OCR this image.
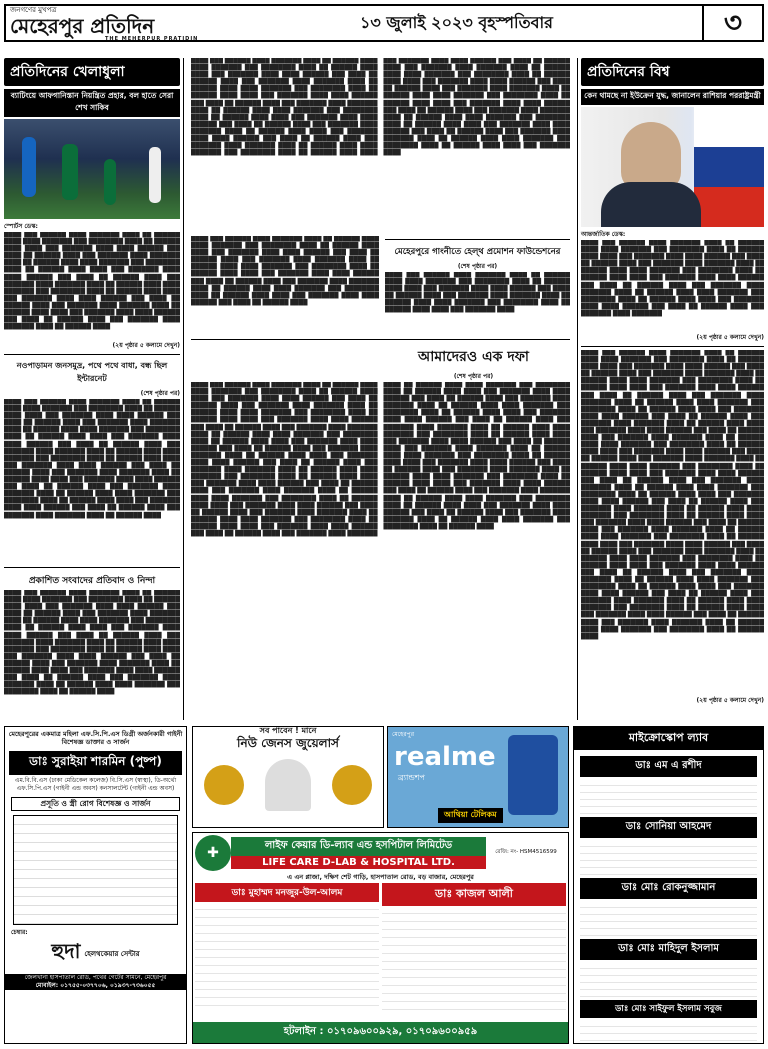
জনগণের মুখপত্র
মেহেরপুর প্রতিদিন
THE MEHERPUR PRATIDIN
১৩ জুলাই ২০২৩ বৃহস্পতিবার	৩
প্রতিদিনের খেলাধুলা
ব্যাটিংয়ে আফগানিস্তান নিয়ন্ত্রিত প্রহার, বল হাতে সেরা শেখ সাকিব
স্পোর্টস ডেস্ক:
████ ███ ██████ ████ ███████ ████ ██ ██████ ████ ████ ███████ ███ ████████ ████ ██ ██████ ████ ████ ███ ███████ ████ ████ ██████ ███ ████ ██ ██████ ████ ███ ███████ ████ ███████ ████ ██ ██████ ████ ████ ███████ ███ ████████ ████ ██ ██████ ████ ████ ███ ███████ ████ ████ ██████ ███ ████ ██ ██████ ████ ███ ███████ ████ ███████ ████ ██ ██████ ████ ████ ███████ ███ ████████ ████ ██ ██████ ████ ████ ███ ███████ ████ ████ ██████ ███ ████ ██ ██████ ████ ███ ███████ ████ ███████ ████ ██ ██████ ████ ████ ███ ███████ ████ ████ ██████ ███ ████ ██ ██████ ████ ███ ███████ ████ ███████ ████ ██ ██████ ████
(২য় পৃষ্ঠার ৫ কলামে দেখুন)
নওপাড়ামন জনসমুদ্র, পথে পথে বাধা, বন্ধ ছিল ইন্টারনেট
(শেষ পৃষ্ঠার পর)
████ ███ ██████ ████ ███████ ████ ██ ██████ ████ ████ ███████ ███ ████████ ████ ██ ██████ ████ ████ ███ ███████ ████ ████ ██████ ███ ████ ██ ██████ ████ ███ ███████ ████ ███████ ████ ██ ██████ ████ ████ ███████ ███ ████████ ████ ██ ██████ ████ ████ ███ ███████ ████ ████ ██████ ███ ████ ██ ██████ ████ ███ ███████ ████ ███████ ████ ██ ██████ ████ ████ ███████ ███ ████████ ████ ██ ██████ ████ ████ ███ ███████ ████ ████ ██████ ███ ████ ██ ██████ ████ ███ ███████ ████ ███████ ████ ██ ██████ ████ ████ ███ ███████ ████ ████ ██████ ███ ████ ██ ██████ ████ ███ ███████ ████ ███████ ████ ██ ██████ ████ ████ ███████ ███ ████████ ████ ██ ██████ ████ ████ ███ ███████ ████ ████ ██████ ███ ████ ██ ██████ ████ ███ ███████ ████ ███████ ████ ██ ██████ ████
প্রকাশিত সংবাদের প্রতিবাদ ও নিন্দা
████ ███ ██████ ████ ███████ ████ ██ ██████ ████ ████ ███████ ███ ████████ ████ ██ ██████ ████ ████ ███ ███████ ████ ████ ██████ ███ ████ ██ ██████ ████ ███ ███████ ████ ███████ ████ ██ ██████ ████ ████ ███████ ███ ████████ ████ ██ ██████ ████ ████ ███ ███████ ████ ████ ██████ ███ ████ ██ ██████ ████ ███ ███████ ████ ███████ ████ ██ ██████ ████ ████ ███████ ███ ████████ ████ ██ ██████ ████ ████ ███ ███████ ████ ████ ██████ ███ ████ ██ ██████ ████ ███ ███████ ████ ███████ ████ ██ ██████ ████ ████ ███ ███████ ████ ████ ██████ ███ ████ ██ ██████ ████ ███ ███████ ████ ███████ ████ ██ ██████ ████ ████ ███████ ███ ████████ ████ ██ ██████ ████
████ ███ ██████ ████ ███████ ████ ██ ██████ ████ ████ ███████ ███ ████████ ████ ██ ██████ ████ ████ ███ ███████ ████ ████ ██████ ███ ████ ██ ██████ ████ ███ ███████ ████ ███████ ████ ██ ██████ ████ ████ ███████ ███ ████████ ████ ██ ██████ ████ ████ ███ ███████ ████ ████ ██████ ███ ████ ██ ██████ ████ ███ ███████ ████ ███████ ████ ██ ██████ ████ ████ ███████ ███ ████████ ████ ██ ██████ ████ ████ ███ ███████ ████ ████ ██████ ███ ████ ██ ██████ ████ ███ ███████ ████ ███████ ████ ██ ██████ ████ ████ ███ ███████ ████ ████ ██████ ███ ████ ██ ██████ ████ ███ ███████ ████ ███████ ████ ██ ██████ ████ ████ ███████ ███ ████████ ████ ██ ██████ ████ ████ ███ ███████ ████ ████ ██████ ███ ████ ██ ██████ ████ ███ ███████ ████ ███████ ████ ██ ██████ ████ ████ ███████ ███ ████████ ████ ██ ██████ ████ ████ ███ ███████ ████ ████ ██████ ███ ████ ██ ██████ ████ ███ ███████ ████ ███████ ████ ██ ██████ ████ ████ ███████ ███ ████████ ████ ██ ██████ ████ ████ ███ ███████ ████ ████ ██████ ███ ████ ██ ██████ ████ ███ ███████ ████ ███████ ████ ██ ██████ ████ ████ ███████ ███ ████████ ████ ██ ██████ ████ ████ ███ ███████ ████ ████ ██████ ███ ████ ██ ██████ ████ ███ ███████ ████ ███████ ████ ██ ██████ ████ ████ ███████ ███ ████████ ████ ██ ██████ ████ ████ ███ ███████ ████
████ ███ ██████ ████ ███████ ████ ██ ██████ ████ ████ ███████ ███ ████████ ████ ██ ██████ ████ ████ ███ ███████ ████ ████ ██████ ███ ████ ██ ██████ ████ ███ ███████ ████ ███████ ████ ██ ██████ ████ ████ ███████ ███ ████████ ████ ██ ██████ ████ ████ ███ ███████ ████ ████ ██████ ███ ████ ██ ██████ ████ ███ ███████ ████ ███████ ████ ██ ██████ ████ ████ ███████ ███ ████████ ████ ██ ██████ ████ ████ ███ ███████ ████ ████ ██████ ███ ████ ██ ██████ ████
মেহেরপুরে গাংনীতে হেল্থ প্রমোশন ফাউন্ডেশনের
(শেষ পৃষ্ঠার পর)
████ ███ ██████ ████ ███████ ████ ██ ██████ ████ ████ ███████ ███ ████████ ████ ██ ██████ ████ ████ ███ ███████ ████ ████ ██████ ███ ████ ██ ██████ ████ ███ ███████ ████ ███████ ████ ██ ██████ ████ ████ ███████ ███ ████████ ████ ██ ██████ ████ ████ ███ ███████ ████
আমাদেরও এক দফা
(শেষ পৃষ্ঠার পর)
████ ███ ██████ ████ ███████ ████ ██ ██████ ████ ████ ███████ ███ ████████ ████ ██ ██████ ████ ████ ███ ███████ ████ ████ ██████ ███ ████ ██ ██████ ████ ███ ███████ ████ ███████ ████ ██ ██████ ████ ████ ███████ ███ ████████ ████ ██ ██████ ████ ████ ███ ███████ ████ ████ ██████ ███ ████ ██ ██████ ████ ███ ███████ ████ ███████ ████ ██ ██████ ████ ████ ███████ ███ ████████ ████ ██ ██████ ████ ████ ███ ███████ ████ ████ ██████ ███ ████ ██ ██████ ████ ███ ███████ ████ ███████ ████ ██ ██████ ████ ████ ███ ███████ ████ ████ ██████ ███ ████ ██ ██████ ████ ███ ███████ ████ ███████ ████ ██ ██████ ████ ████ ███████ ███ ████████ ████ ██ ██████ ████ ████ ███ ███████ ████ ████ ██████ ███ ████ ██ ██████ ████ ███ ███████ ████ ███████ ████ ██ ██████ ████ ████ ███████ ███ ████████ ████ ██ ██████ ████ ████ ███ ███████ ████ ████ ██████ ███ ████ ██ ██████ ████ ███ ███████ ████ ███████ ████ ██ ██████ ████ ████ ███████ ███ ████████ ████ ██ ██████ ████ ████ ███ ███████ ████ ████ ██████ ███ ████ ██ ██████ ████ ███ ███████ ████ ███████ ████ ██ ██████ ████ ████ ███████ ███ ████████ ████ ██ ██████ ████ ████ ███ ███████ ████ ████ ██████ ███ ████ ██ ██████ ████ ███ ███████ ████ ███████ ████ ██ ██████ ████ ████ ███████ ███ ████████ ████ ██ ██████ ████ ████ ███ ███████ ████ ████ ██████ ███ ████ ██ ██████ ████ ███ ███████ ████ ███████ ████ ██ ██████ ████ ████ ███████ ███ ████████ ████ ██ ██████ ████ ████ ███ ███████ ████ ████ ██████ ███ ████ ██ ██████ ████ ███ ███████ ████ ███████ ████ ██ ██████ ████ ████ ███████ ███ ████████ ████ ██ ██████ ████ ████ ███ ███████ ████ ████ ██████ ███ ████ ██ ██████ ████ ███ ███████ ████ ███████ ████ ██ ██████ ████ ████ ███████ ███ ████████ ████ ██ ██████ ████ ████ ███ ███████ ████ ████ ██████ ███ ████ ██ ██████ ████ ███ ███████ ████ ███████ ████ ██ ██████ ████ ████ ███████ ███ ████████ ████ ██ ██████ ████ ████ ███ ███████ ████ ████ ██████ ███ ████ ██ ██████ ████ ███ ███████ ████ ███████ ████ ██ ██████ ████ ████ ███████ ███ ████████ ████ ██ ██████ ████
প্রতিদিনের বিশ্ব
কেন থামছে না ইউক্রেন যুদ্ধ, জানালেন রাশিয়ার পররাষ্ট্রমন্ত্রী
আন্তর্জাতিক ডেস্ক:
████ ███ ██████ ████ ███████ ████ ██ ██████ ████ ████ ███████ ███ ████████ ████ ██ ██████ ████ ████ ███ ███████ ████ ████ ██████ ███ ████ ██ ██████ ████ ███ ███████ ████ ███████ ████ ██ ██████ ████ ████ ███████ ███ ████████ ████ ██ ██████ ████ ████ ███ ███████ ████ ████ ██████ ███ ████ ██ ██████ ████ ███ ███████ ████ ███████ ████ ██ ██████ ████ ████ ███████ ███ ████████ ████ ██ ██████ ████ ████ ███ ███████ ████ ████ ██████ ███ ████ ██ ██████ ████ ███ ███████ ████ ███████
(২য় পৃষ্ঠার ৫ কলামে দেখুন)
████ ███ ██████ ████ ███████ ████ ██ ██████ ████ ████ ███████ ███ ████████ ████ ██ ██████ ████ ████ ███ ███████ ████ ████ ██████ ███ ████ ██ ██████ ████ ███ ███████ ████ ███████ ████ ██ ██████ ████ ████ ███████ ███ ████████ ████ ██ ██████ ████ ████ ███ ███████ ████ ████ ██████ ███ ████ ██ ██████ ████ ███ ███████ ████ ███████ ████ ██ ██████ ████ ████ ███████ ███ ████████ ████ ██ ██████ ████ ████ ███ ███████ ████ ████ ██████ ███ ████ ██ ██████ ████ ███ ███████ ████ ███████ ████ ██ ██████ ████ ████ ███ ███████ ████ ████ ██████ ███ ████ ██ ██████ ████ ███ ███████ ████ ███████ ████ ██ ██████ ████ ████ ███████ ███ ████████ ████ ██ ██████ ████ ████ ███ ███████ ████ ████ ██████ ███ ████ ██ ██████ ████ ███ ███████ ████ ███████ ████ ██ ██████ ████ ████ ███████ ███ ████████ ████ ██ ██████ ████ ████ ███ ███████ ████ ████ ██████ ███ ████ ██ ██████ ████ ███ ███████ ████ ███████ ████ ██ ██████ ████ ████ ███████ ███ ████████ ████ ██ ██████ ████ ████ ███ ███████ ████ ████ ██████ ███ ████ ██ ██████ ████ ███ ███████ ████ ███████ ████ ██ ██████ ████ ████ ███████ ███ ████████ ████ ██ ██████ ████ ████ ███ ███████ ████ ████ ██████ ███ ████ ██ ██████ ████ ███ ███████ ████ ███████ ████ ██ ██████ ████ ████ ███████ ███ ████████ ████ ██ ██████ ████ ████ ███ ███████ ████ ████ ██████ ███ ████ ██ ██████ ████ ███ ███████ ████ ███████ ████ ██ ██████ ████ ████ ███████ ███ ████████ ████ ██ ██████ ████ ████ ███ ███████ ████ ████ ██████ ███ ████ ██ ██████ ████ ███ ███████ ████ ███████ ████ ██ ██████ ████ ████ ███████ ███ ████████ ████ ██ ██████ ████ ████ ███ ███████ ████ ████ ██████ ███ ████ ██ ██████ ████ ███ ███████ ████ ███████ ████ ██ ██████ ████ ████ ███████ ███ ████████ ████ ██ ██████ ████ ████ ███ ███████ ████ ████ ██████ ███ ████ ██ ██████ ████ ███ ███████ ████ ███████ ████ ██ ██████ ████ ████ ███████ ███ ████████ ████ ██ ██████ ████
(২য় পৃষ্ঠার ৫ কলামে দেখুন)
মেহেরপুরের একমাত্র মহিলা এফ.সি.পি.এস ডিগ্রী অর্জনকারী গাইনী বিশেষজ্ঞ ডাক্তার ও সার্জন
ডাঃ সুরাইয়া শারমিন (পুষ্প)
এম.বি.বি.এস (ঢাকা মেডিকেল কলেজ) বি.সি.এস (স্বাস্থ্য), ডি-অর্থো
এফ.সি.পি.এস (গাইনী এন্ড অবস) কনসালটেন্ট (গাইনী এন্ড অবস)
প্রসূতি ও স্ত্রী রোগ বিশেষজ্ঞ ও সার্জন
চেম্বার:
হুদা হেলথকেয়ার সেন্টার
জেলখানা হাসপাতাল রোড, পথের গেটের সামনে, মেহেরপুর
মোবাইল: ০১৭৫৫-০৩৭৭০৬, ০১৯৩৭-৭৩৬০৫৫
সব পাবেন ! মানে
নিউ জেনস জুয়েলার্স
মেহেরপুর
realme
ব্র্যান্ডশপ
আথিয়া টেলিকম
✚	লাইফ কেয়ার ডি-ল্যাব এন্ড হসপিটাল লিমিটেড
LIFE CARE D-LAB & HOSPITAL LTD.
রেজি: নং- HSM4516599
এ এন প্লাজা, দক্ষিণ শেট গাড়ি, হাসপাতাল রোড, বড় বাজার, মেহেরপুর
ডাঃ মুহাম্মদ মনজুর-উল-আলম	ডাঃ কাজল আলী
হটলাইন : ০১৭০৯৬০০৯২৯, ০১৭০৯৬০০৯৫৯
মাইক্রোস্কোপ ল্যাব
ডাঃ এম এ রশীদ
ডাঃ সোনিয়া আহমেদ
ডাঃ মোঃ রোকনুজ্জামান
ডাঃ মোঃ মাহিদুল ইসলাম
ডাঃ মোঃ সাইফুল ইসলাম সবুজ
